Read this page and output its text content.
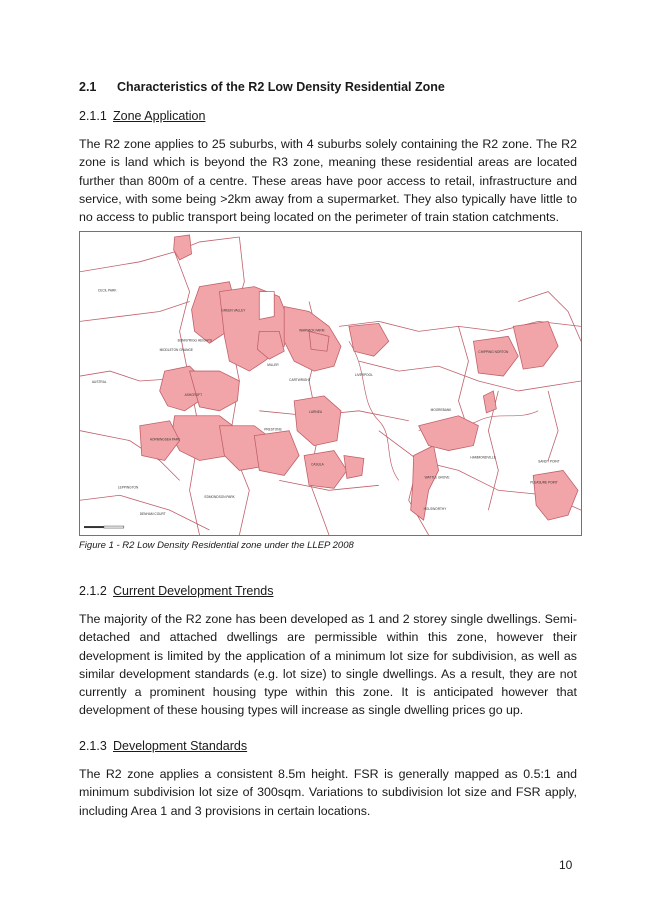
2.1 Characteristics of the R2 Low Density Residential Zone
2.1.1 Zone Application

The R2 zone applies to 25 suburbs, with 4 suburbs solely containing the R2 zone. The R2 zone is land which is beyond the R3 zone, meaning these residential areas are located further than 800m of a centre. These areas have poor access to retail, infrastructure and service, with some being >2km away from a supermarket. They also typically have little to no access to public transport being located on the perimeter of train station catchments.

CECIL PARK
AUSTRAL
HORNINGSEA PARK
LEPPINGTON
DENHAM COURT
EDMONDSON PARK
CASULA
PRESTONS
LIVERPOOL
CHIPPING NORTON
MOOREBANK
HAMMONDVILLE
HOLSWORTHY
PLEASURE POINT
SANDY POINT
GREEN VALLEY
BONNYRIGG HEIGHTS
MIDDLETON GRANGE
CARTWRIGHT
WATTLE GROVE
WARWICK FARM
LURNEA
MILLER
ASHCROFT
Figure 1 - R2 Low Density Residential zone under the LLEP 2008
2.1.2 Current Development Trends

The majority of the R2 zone has been developed as 1 and 2 storey single dwellings. Semi-detached and attached dwellings are permissible within this zone, however their development is limited by the application of a minimum lot size for subdivision, as well as similar development standards (e.g. lot size) to single dwellings. As a result, they are not currently a prominent housing type within this zone. It is anticipated however that development of these housing types will increase as single dwelling prices go up.

2.1.3 Development Standards

The R2 zone applies a consistent 8.5m height. FSR is generally mapped as 0.5:1 and minimum subdivision lot size of 300sqm. Variations to subdivision lot size and FSR apply, including Area 1 and 3 provisions in certain locations.

10
